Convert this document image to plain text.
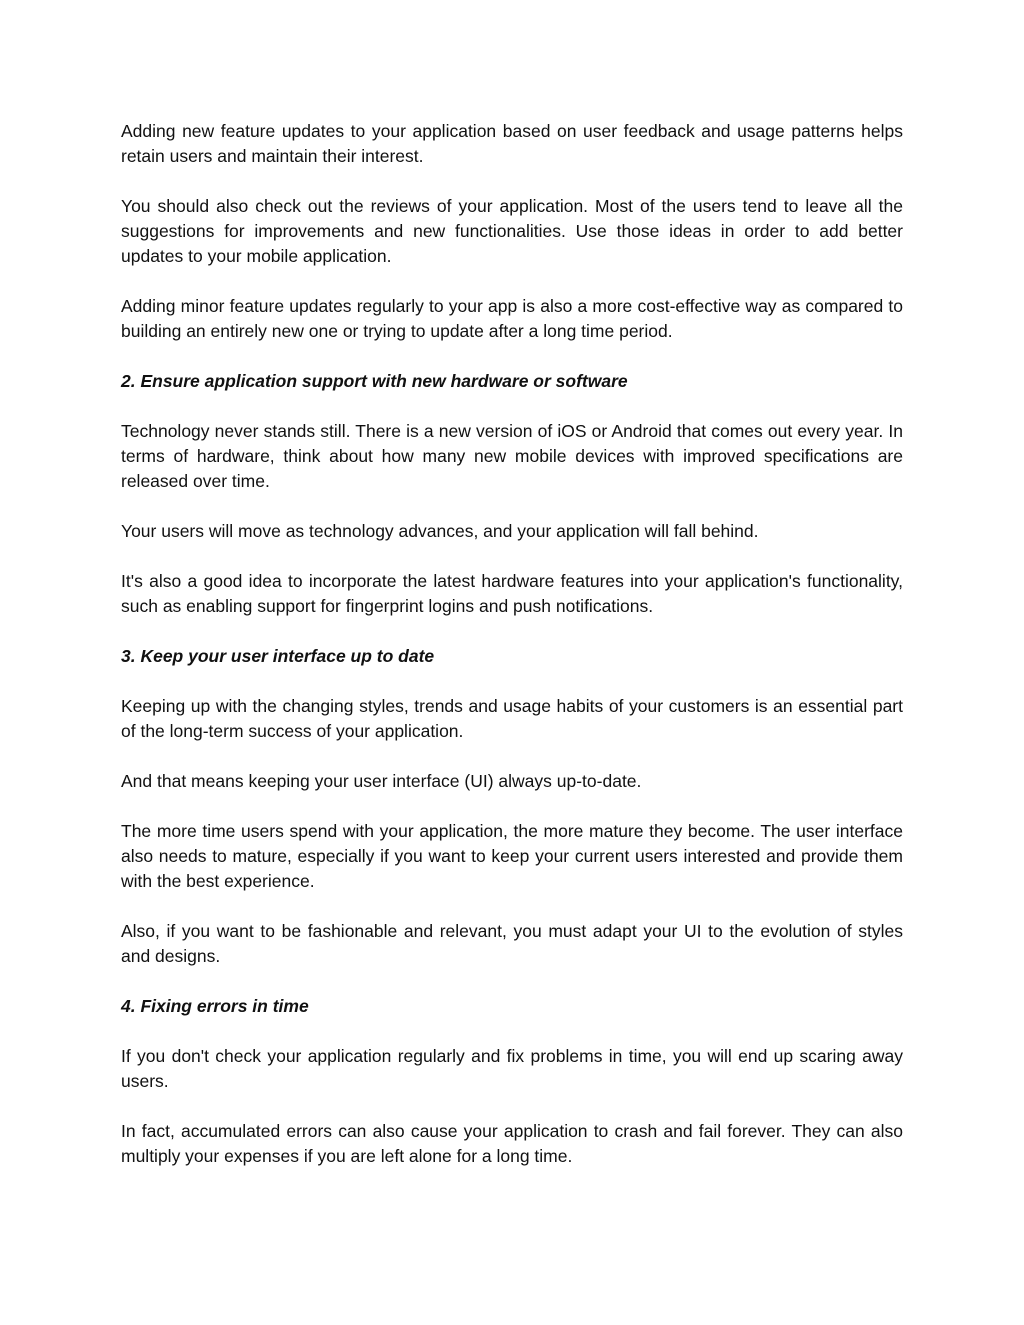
Adding new feature updates to your application based on user feedback and usage patterns helps retain users and maintain their interest.

You should also check out the reviews of your application. Most of the users tend to leave all the suggestions for improvements and new functionalities. Use those ideas in order to add better updates to your mobile application.

Adding minor feature updates regularly to your app is also a more cost-effective way as compared to building an entirely new one or trying to update after a long time period.

2. Ensure application support with new hardware or software

Technology never stands still. There is a new version of iOS or Android that comes out every year. In terms of hardware, think about how many new mobile devices with improved specifications are released over time.

Your users will move as technology advances, and your application will fall behind.

It's also a good idea to incorporate the latest hardware features into your application's functionality, such as enabling support for fingerprint logins and push notifications.

3. Keep your user interface up to date

Keeping up with the changing styles, trends and usage habits of your customers is an essential part of the long-term success of your application.

And that means keeping your user interface (UI) always up-to-date.

The more time users spend with your application, the more mature they become. The user interface also needs to mature, especially if you want to keep your current users interested and provide them with the best experience.

Also, if you want to be fashionable and relevant, you must adapt your UI to the evolution of styles and designs.

4. Fixing errors in time

If you don't check your application regularly and fix problems in time, you will end up scaring away users.

In fact, accumulated errors can also cause your application to crash and fail forever. They can also multiply your expenses if you are left alone for a long time.
